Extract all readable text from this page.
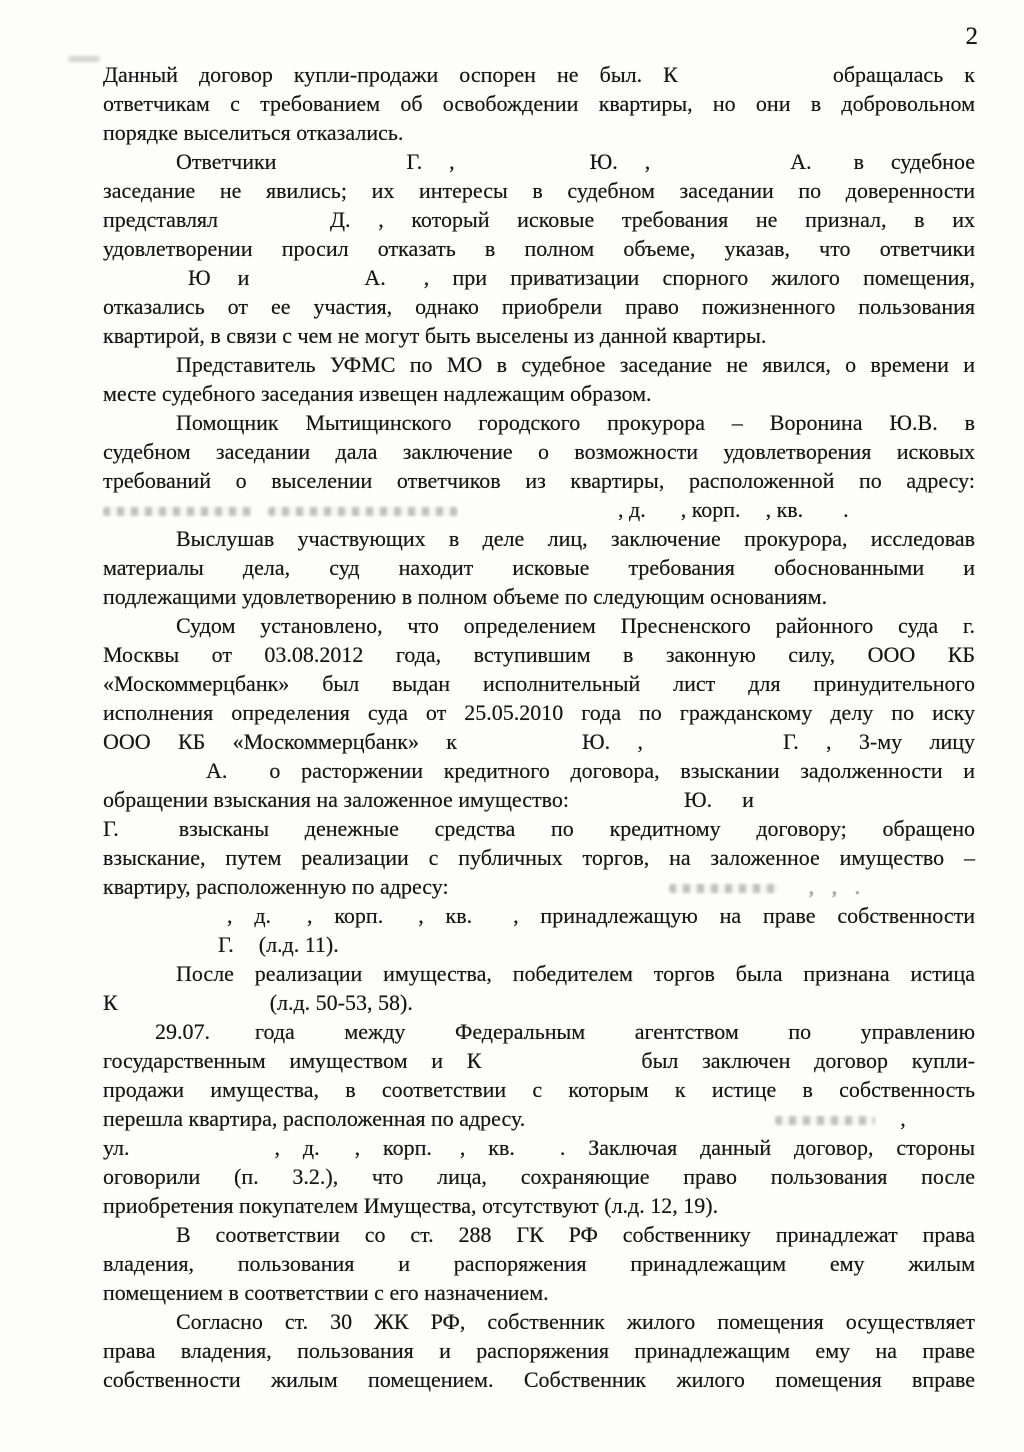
2
Данный договор купли-продажи оспорен не был. К	обращалась к
ответчикам с требованием об освобождении квартиры, но они в добровольном
порядке выселиться отказались.
Ответчики	Г. ,	Ю. ,	А. в судебное
заседание не явились; их интересы в судебном заседании по доверенности
представлял	Д. , который исковые требования не признал, в их
удовлетворении просил отказать в полном объеме, указав, что ответчики
Ю и	А. , при приватизации спорного жилого помещения,
отказались от ее участия, однако приобрели право пожизненного пользования
квартирой, в связи с чем не могут быть выселены из данной квартиры.
Представитель УФМС по МО в судебное заседание не явился, о времени и
месте судебного заседания извещен надлежащим образом.
Помощник Мытищинского городского прокурора – Воронина Ю.В. в
судебном заседании дала заключение о возможности удовлетворения исковых
требований о выселении ответчиков из квартиры, расположенной по адресу:
, д. , корп. , кв. .
Выслушав участвующих в деле лиц, заключение прокурора, исследовав
материалы дела, суд находит исковые требования обоснованными и
подлежащими удовлетворению в полном объеме по следующим основаниям.
Судом установлено, что определением Пресненского районного суда г.
Москвы от 03.08.2012 года, вступившим в законную силу, ООО КБ
«Москоммерцбанк» был выдан исполнительный лист для принудительного
исполнения определения суда от 25.05.2010 года по гражданскому делу по иску
ООО КБ «Москоммерцбанк» к	Ю. ,	Г. , 3-му лицу
А. о расторжении кредитного договора, взыскании задолженности и
обращении взыскания на заложенное имущество:	Ю. и
Г.	взысканы денежные средства по кредитному договору; обращено
взыскание, путем реализации с публичных торгов, на заложенное имущество –
квартиру, расположенную по адресу:	, , .
, д. , корп. , кв. , принадлежащую на праве собственности
Г. (л.д. 11).
После реализации имущества, победителем торгов была признана истица
К	(л.д. 50-53, 58).
29.07. года между Федеральным агентством по управлению
государственным имуществом и К	был заключен договор купли-
продажи имущества, в соответствии с которым к истице в собственность
перешла квартира, расположенная по адресу.	,
ул.	, д. , корп. , кв. . Заключая данный договор, стороны
оговорили (п. 3.2.), что лица, сохраняющие право пользования после
приобретения покупателем Имущества, отсутствуют (л.д. 12, 19).
В соответствии со ст. 288 ГК РФ собственнику принадлежат права
владения, пользования и распоряжения принадлежащим ему жилым
помещением в соответствии с его назначением.
Согласно ст. 30 ЖК РФ, собственник жилого помещения осуществляет
права владения, пользования и распоряжения принадлежащим ему на праве
собственности жилым помещением. Собственник жилого помещения вправе
